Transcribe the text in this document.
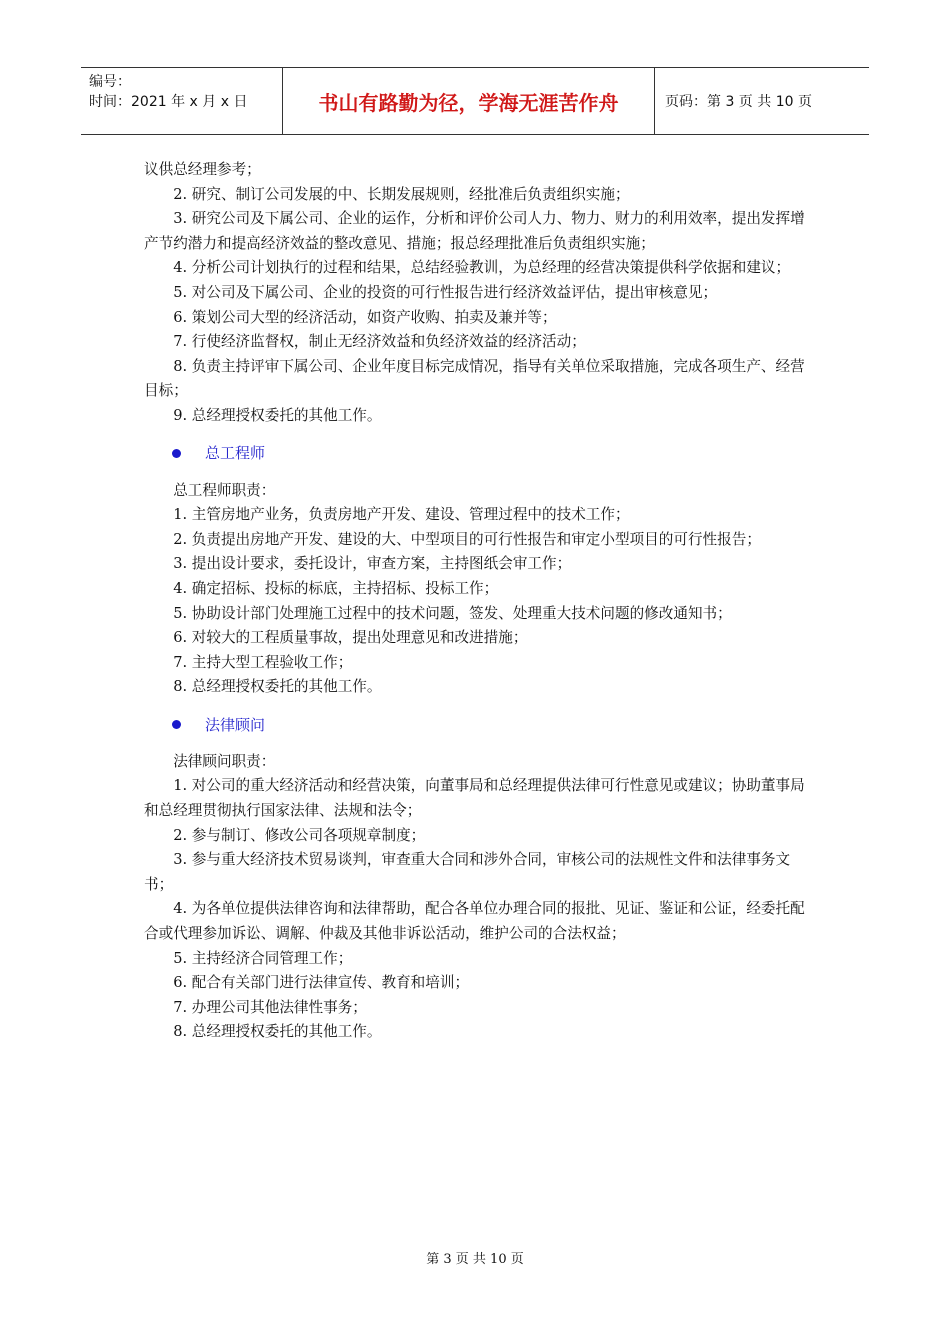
编号：
时间：2021 年 x 月 x 日	书山有路勤为径，学海无涯苦作舟	页码：第 3 页 共 10 页

议供总经理参考；

2. 研究、制订公司发展的中、长期发展规则，经批准后负责组织实施；

3. 研究公司及下属公司、企业的运作，分析和评价公司人力、物力、财力的利用效率，提出发挥增产节约潜力和提高经济效益的整改意见、措施；报总经理批准后负责组织实施；

4. 分析公司计划执行的过程和结果，总结经验教训，为总经理的经营决策提供科学依据和建议；

5. 对公司及下属公司、企业的投资的可行性报告进行经济效益评估，提出审核意见；

6. 策划公司大型的经济活动，如资产收购、拍卖及兼并等；

7. 行使经济监督权，制止无经济效益和负经济效益的经济活动；

8. 负责主持评审下属公司、企业年度目标完成情况，指导有关单位采取措施，完成各项生产、经营目标；

9. 总经理授权委托的其他工作。

总工程师

总工程师职责：

1. 主管房地产业务，负责房地产开发、建设、管理过程中的技术工作；

2. 负责提出房地产开发、建设的大、中型项目的可行性报告和审定小型项目的可行性报告；

3. 提出设计要求，委托设计，审查方案，主持图纸会审工作；

4. 确定招标、投标的标底，主持招标、投标工作；

5. 协助设计部门处理施工过程中的技术问题，签发、处理重大技术问题的修改通知书；

6. 对较大的工程质量事故，提出处理意见和改进措施；

7. 主持大型工程验收工作；

8. 总经理授权委托的其他工作。

法律顾问

法律顾问职责：

1. 对公司的重大经济活动和经营决策，向董事局和总经理提供法律可行性意见或建议；协助董事局和总经理贯彻执行国家法律、法规和法令；

2. 参与制订、修改公司各项规章制度；

3. 参与重大经济技术贸易谈判，审查重大合同和涉外合同，审核公司的法规性文件和法律事务文书；

4. 为各单位提供法律咨询和法律帮助，配合各单位办理合同的报批、见证、鉴证和公证，经委托配合或代理参加诉讼、调解、仲裁及其他非诉讼活动，维护公司的合法权益；

5. 主持经济合同管理工作；

6. 配合有关部门进行法律宣传、教育和培训；

7. 办理公司其他法律性事务；

8. 总经理授权委托的其他工作。

第 3 页 共 10 页
